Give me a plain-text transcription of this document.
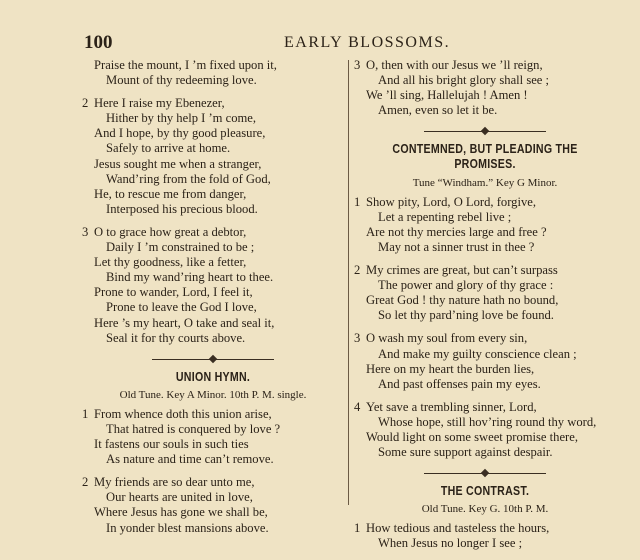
100	EARLY BLOSSOMS.
Praise the mount, I ’m fixed upon it,
Mount of thy redeeming love.
2 Here I raise my Ebenezer,
Hither by thy help I ’m come,
And I hope, by thy good pleasure,
Safely to arrive at home.
Jesus sought me when a stranger,
Wand’ring from the fold of God,
He, to rescue me from danger,
Interposed his precious blood.
3 O to grace how great a debtor,
Daily I ’m constrained to be ;
Let thy goodness, like a fetter,
Bind my wand’ring heart to thee.
Prone to wander, Lord, I feel it,
Prone to leave the God I love,
Here ’s my heart, O take and seal it,
Seal it for thy courts above.
UNION HYMN.
Old Tune. Key A Minor. 10th P. M. single.
1 From whence doth this union arise,
That hatred is conquered by love ?
It fastens our souls in such ties
As nature and time can’t remove.
2 My friends are so dear unto me,
Our hearts are united in love,
Where Jesus has gone we shall be,
In yonder blest mansions above.
3 O, then with our Jesus we ’ll reign,
And all his bright glory shall see ;
We ’ll sing, Hallelujah ! Amen !
Amen, even so let it be.
CONTEMNED, BUT PLEADING THE PROMISES.
Tune “Windham.” Key G Minor.
1 Show pity, Lord, O Lord, forgive,
Let a repenting rebel live ;
Are not thy mercies large and free ?
May not a sinner trust in thee ?
2 My crimes are great, but can’t surpass
The power and glory of thy grace :
Great God ! thy nature hath no bound,
So let thy pard’ning love be found.
3 O wash my soul from every sin,
And make my guilty conscience clean ;
Here on my heart the burden lies,
And past offenses pain my eyes.
4 Yet save a trembling sinner, Lord,
Whose hope, still hov’ring round thy word,
Would light on some sweet promise there,
Some sure support against despair.
THE CONTRAST.
Old Tune. Key G. 10th P. M.
1 How tedious and tasteless the hours,
When Jesus no longer I see ;
